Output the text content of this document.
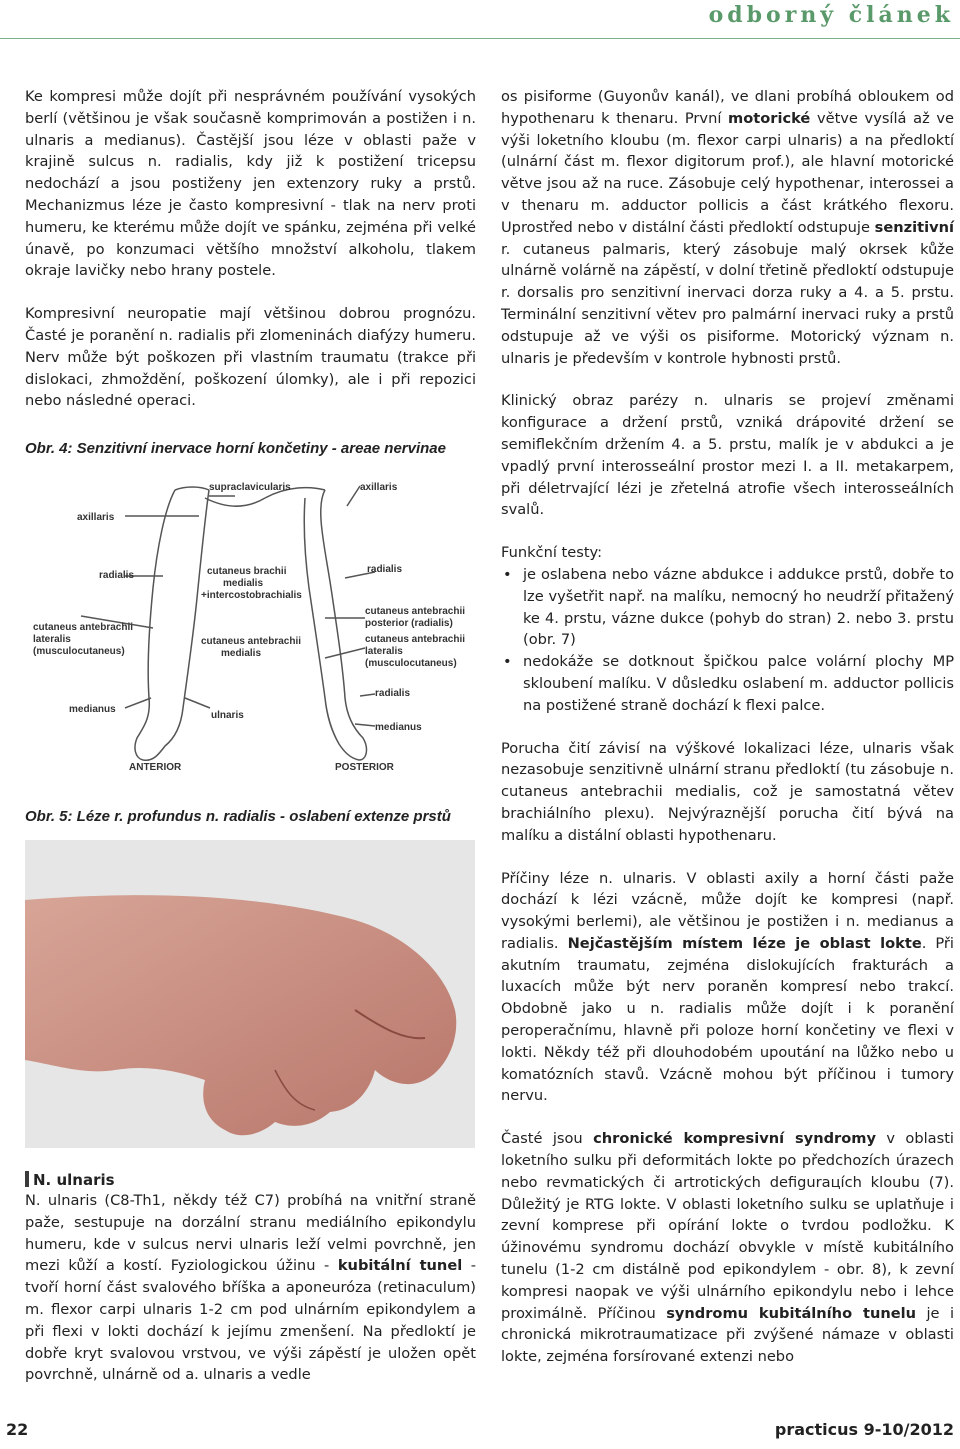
odborný článek

Ke kompresi může dojít při nesprávném používání vysokých berlí (většinou je však současně komprimován a postižen i n. ulnaris a medianus). Častější jsou léze v oblasti paže v krajině sulcus n. radialis, kdy již k postižení tricepsu nedochází a jsou postiženy jen extenzory ruky a prstů. Mechanizmus léze je často kompresivní - tlak na nerv proti humeru, ke kterému může dojít ve spánku, zejména při velké únavě, po konzumaci většího množství alkoholu, tlakem okraje lavičky nebo hrany postele.

Kompresivní neuropatie mají většinou dobrou prognózu. Časté je poranění n. radialis při zlomeninách diafýzy humeru. Nerv může být poškozen při vlastním traumatu (trakce při dislokaci, zhmoždění, poškození úlomky), ale i při repozici nebo následné operaci.

Obr. 4: Senzitivní inervace horní končetiny - areae nervinae
supraclavicularis
axillaris
axillaris
radialis
radialis
cutaneus brachii
medialis
+intercostobrachialis
cutaneus antebrachii
lateralis
(musculocutaneus)
cutaneus antebrachii
medialis
cutaneus antebrachii
posterior (radialis)
cutaneus antebrachii
lateralis
(musculocutaneus)
medianus
ulnaris
radialis
medianus
ANTERIOR	POSTERIOR
Obr. 5: Léze r. profundus n. radialis - oslabení extenze prstů
N. ulnaris
N. ulnaris (C8-Th1, někdy též C7) probíhá na vnitřní straně paže, sestupuje na dorzální stranu mediálního epikondylu humeru, kde v sulcus nervi ulnaris leží velmi povrchně, jen mezi kůží a kostí. Fyziologickou úžinu - kubitální tunel - tvoří horní část svalového bříška a aponeuróza (retinaculum) m. flexor carpi ulnaris 1-2 cm pod ulnárním epikondylem a při flexi v lokti dochází k jejímu zmenšení. Na předloktí je dobře kryt svalovou vrstvou, ve výši zápěstí je uložen opět povrchně, ulnárně od a. ulnaris a vedle

os pisiforme (Guyonův kanál), ve dlani probíhá obloukem od hypothenaru k thenaru. První motorické větve vysílá až ve výši loketního kloubu (m. flexor carpi ulnaris) a na předloktí (ulnární část m. flexor digitorum prof.), ale hlavní motorické větve jsou až na ruce. Zásobuje celý hypothenar, interossei a v thenaru m. adductor pollicis a část krátkého flexoru. Uprostřed nebo v distální části předloktí odstupuje senzitivní r. cutaneus palmaris, který zásobuje malý okrsek kůže ulnárně volárně na zápěstí, v dolní třetině předloktí odstupuje r. dorsalis pro senzitivní inervaci dorza ruky a 4. a 5. prstu. Terminální senzitivní větev pro palmární inervaci ruky a prstů odstupuje až ve výši os pisiforme. Motorický význam n. ulnaris je především v kontrole hybnosti prstů.

Klinický obraz parézy n. ulnaris se projeví změnami konfigurace a držení prstů, vzniká drápovité držení se semiflekčním držením 4. a 5. prstu, malík je v abdukci a je vpadlý první interosseální prostor mezi I. a II. metakarpem, při déletrvající lézi je zřetelná atrofie všech interosseálních svalů.

Funkční testy:
• je oslabena nebo vázne abdukce i addukce prstů, dobře to lze vyšetřit např. na malíku, nemocný ho neudrží přitažený ke 4. prstu, vázne dukce (pohyb do stran) 2. nebo 3. prstu (obr. 7)
• nedokáže se dotknout špičkou palce volární plochy MP skloubení malíku. V důsledku oslabení m. adductor pollicis na postižené straně dochází k flexi palce.

Porucha čití závisí na výškové lokalizaci léze, ulnaris však nezasobuje senzitivně ulnární stranu předloktí (tu zásobuje n. cutaneus antebrachii medialis, což je samostatná větev brachiálního plexu). Nejvýraznější porucha čití bývá na malíku a distální oblasti hypothenaru.

Příčiny léze n. ulnaris. V oblasti axily a horní části paže dochází k lézi vzácně, může dojít ke kompresi (např. vysokými berlemi), ale většinou je postižen i n. medianus a radialis. Nejčastějším místem léze je oblast lokte. Při akutním traumatu, zejména dislokujících frakturách a luxacích může být nerv poraněn kompresí nebo trakcí. Obdobně jako u n. radialis může dojít i k poranění peroperačnímu, hlavně při poloze horní končetiny ve flexi v lokti. Někdy též při dlouhodobém upoutání na lůžko nebo u komatózních stavů. Vzácně mohou být příčinou i tumory nervu.

Časté jsou chronické kompresivní syndromy v oblasti loketního sulku při deformitách lokte po předchozích úrazech nebo revmatických či artrotických defigurацích kloubu (7). Důležitý je RTG lokte. V oblasti loketního sulku se uplatňuje i zevní komprese při opírání lokte o tvrdou podložku. K úžinovému syndromu dochází obvykle v místě kubitálního tunelu (1-2 cm distálně pod epikondylem - obr. 8), k zevní kompresi naopak ve výši ulnárního epikondylu nebo i lehce proximálně. Příčinou syndromu kubitálního tunelu je i chronická mikrotraumatizace při zvýšené námaze v oblasti lokte, zejména forsírované extenzi nebo

22	practicus 9-10/2012
